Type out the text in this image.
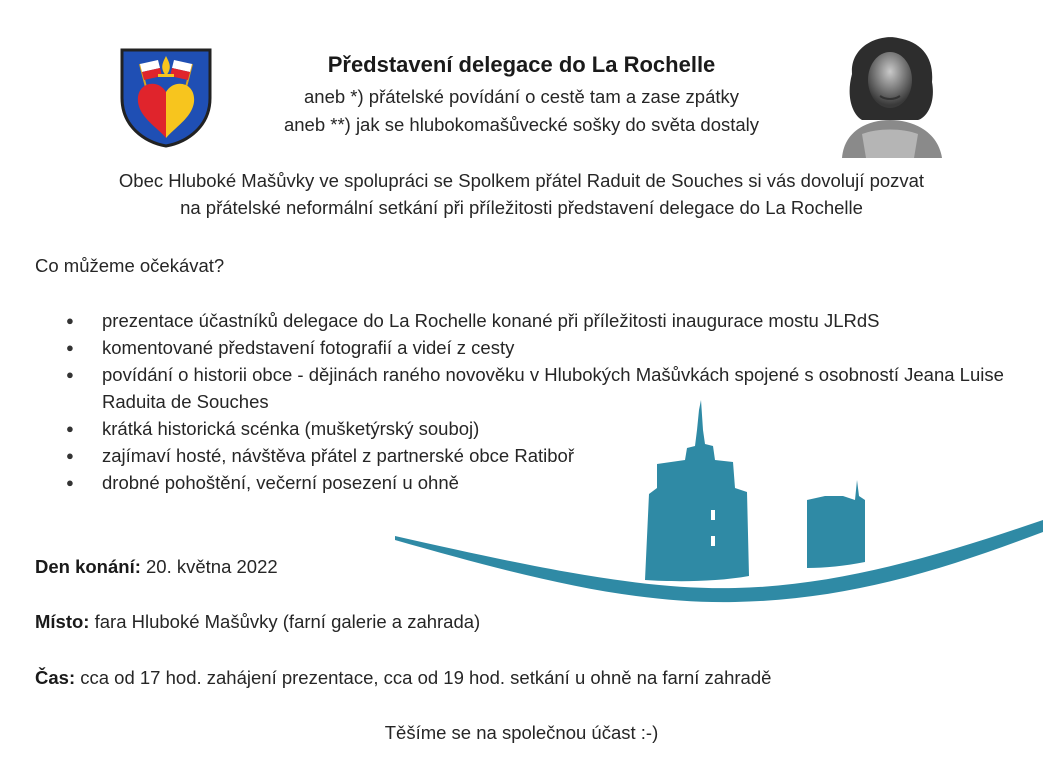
Představení delegace do La Rochelle
aneb *) přátelské povídání o cestě tam a zase zpátky
aneb **) jak se hlubokomašůvecké sošky do světa dostaly
Obec Hluboké Mašůvky ve spolupráci se Spolkem přátel Raduit de Souches si vás dovolují pozvat
na přátelské neformální setkání při příležitosti představení delegace do La Rochelle
Co můžeme očekávat?
● prezentace účastníků delegace do La Rochelle konané při příležitosti inaugurace mostu JLRdS
● komentované představení fotografií a videí z cesty
● povídání o historii obce - dějinách raného novověku v Hlubokých Mašůvkách spojené s osobností Jeana Luise Raduita de Souches
● krátká historická scénka (mušketýrský souboj)
● zajímaví hosté, návštěva přátel z partnerské obce Ratiboř
● drobné pohoštění, večerní posezení u ohně
Den konání: 20. května 2022
Místo: fara Hluboké Mašůvky (farní galerie a zahrada)
Čas: cca od 17 hod. zahájení prezentace, cca od 19 hod. setkání u ohně na farní zahradě
Těšíme se na společnou účast :-)
